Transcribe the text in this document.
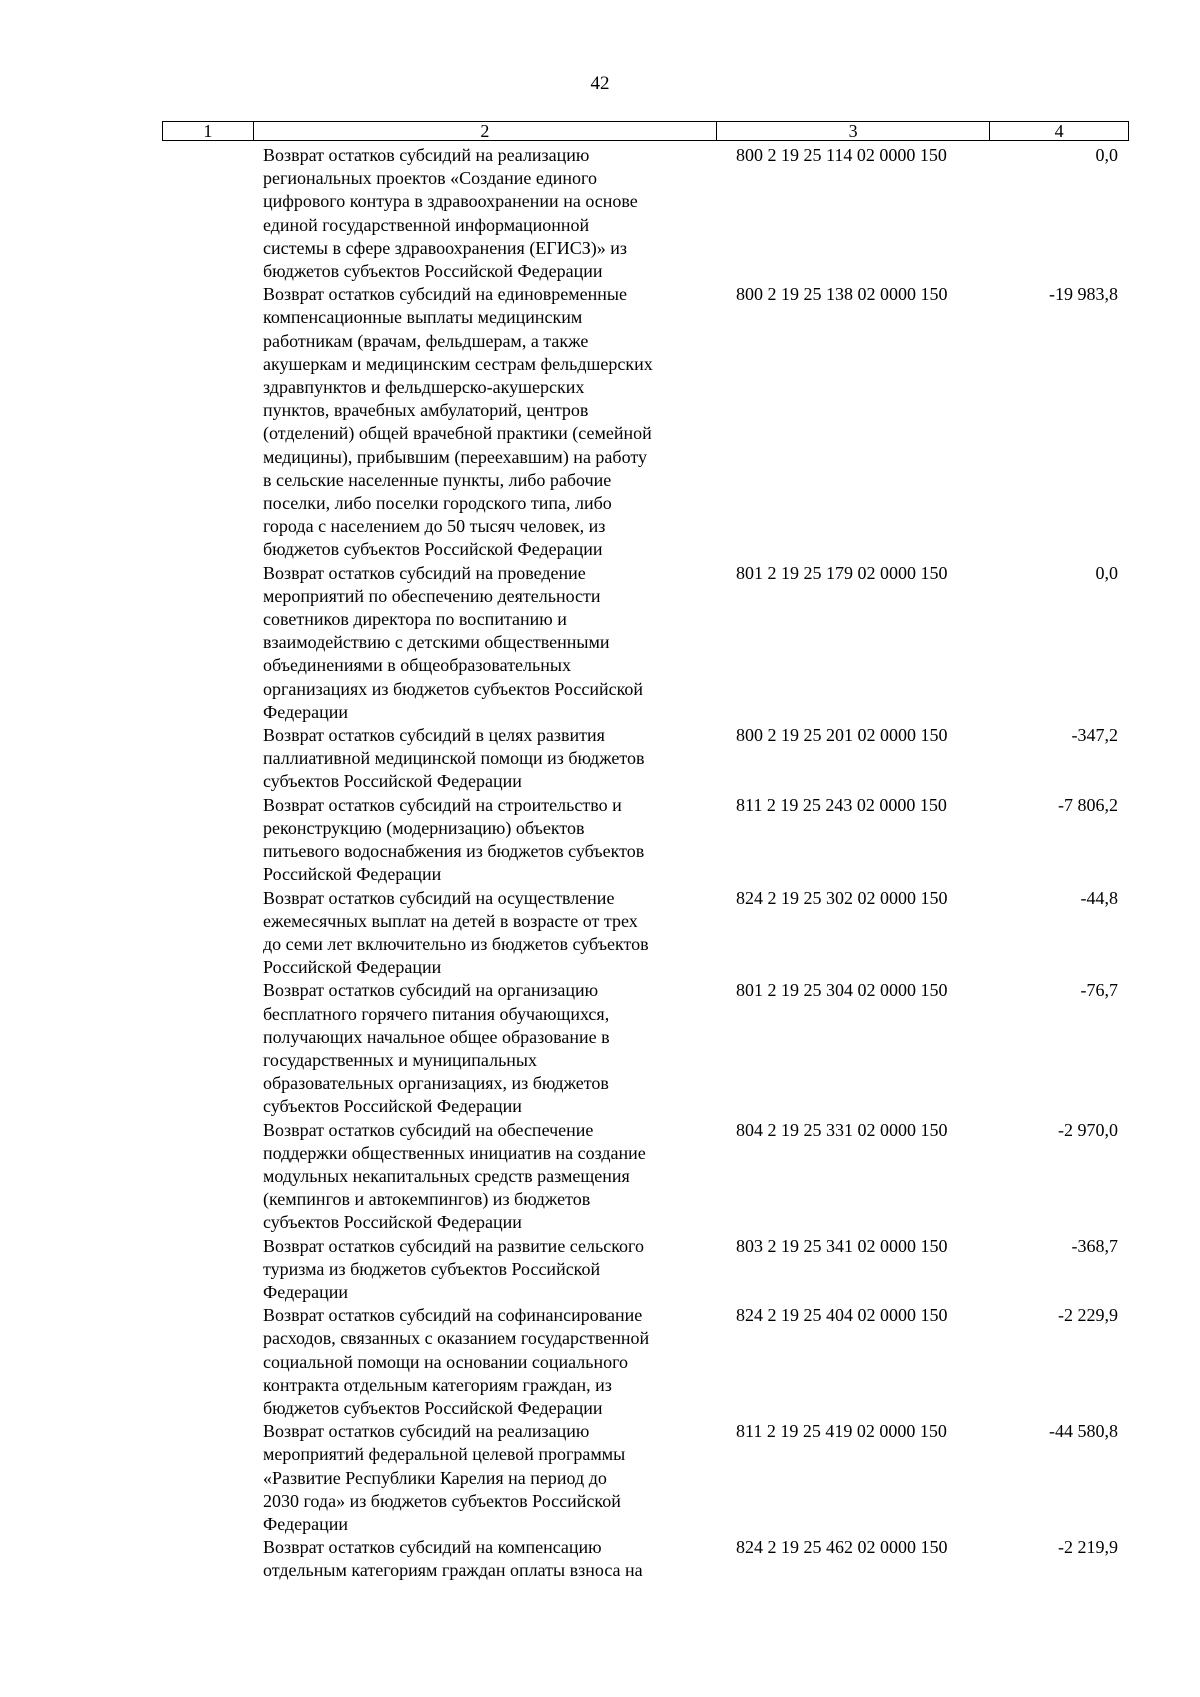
42
1	2	3	4
Возврат остатков субсидий на реализацию
региональных проектов «Создание единого
цифрового контура в здравоохранении на основе
единой государственной информационной
системы в сфере здравоохранения (ЕГИСЗ)» из
бюджетов субъектов Российской Федерации
800 2 19 25 114 02 0000 150	0,0
Возврат остатков субсидий на единовременные
компенсационные выплаты медицинским
работникам (врачам, фельдшерам, а также
акушеркам и медицинским сестрам фельдшерских
здравпунктов и фельдшерско-акушерских
пунктов, врачебных амбулаторий, центров
(отделений) общей врачебной практики (семейной
медицины), прибывшим (переехавшим) на работу
в сельские населенные пункты, либо рабочие
поселки, либо поселки городского типа, либо
города с населением до 50 тысяч человек, из
бюджетов субъектов Российской Федерации
800 2 19 25 138 02 0000 150	-19 983,8
Возврат остатков субсидий на проведение
мероприятий по обеспечению деятельности
советников директора по воспитанию и
взаимодействию с детскими общественными
объединениями в общеобразовательных
организациях из бюджетов субъектов Российской
Федерации
801 2 19 25 179 02 0000 150	0,0
Возврат остатков субсидий в целях развития
паллиативной медицинской помощи из бюджетов
субъектов Российской Федерации
800 2 19 25 201 02 0000 150	-347,2
Возврат остатков субсидий на строительство и
реконструкцию (модернизацию) объектов
питьевого водоснабжения из бюджетов субъектов
Российской Федерации
811 2 19 25 243 02 0000 150	-7 806,2
Возврат остатков субсидий на осуществление
ежемесячных выплат на детей в возрасте от трех
до семи лет включительно из бюджетов субъектов
Российской Федерации
824 2 19 25 302 02 0000 150	-44,8
Возврат остатков субсидий на организацию
бесплатного горячего питания обучающихся,
получающих начальное общее образование в
государственных и муниципальных
образовательных организациях, из бюджетов
субъектов Российской Федерации
801 2 19 25 304 02 0000 150	-76,7
Возврат остатков субсидий на обеспечение
поддержки общественных инициатив на создание
модульных некапитальных средств размещения
(кемпингов и автокемпингов) из бюджетов
субъектов Российской Федерации
804 2 19 25 331 02 0000 150	-2 970,0
Возврат остатков субсидий на развитие сельского
туризма из бюджетов субъектов Российской
Федерации
803 2 19 25 341 02 0000 150	-368,7
Возврат остатков субсидий на софинансирование
расходов, связанных с оказанием государственной
социальной помощи на основании социального
контракта отдельным категориям граждан, из
бюджетов субъектов Российской Федерации
824 2 19 25 404 02 0000 150	-2 229,9
Возврат остатков субсидий на реализацию
мероприятий федеральной целевой программы
«Развитие Республики Карелия на период до
2030 года» из бюджетов субъектов Российской
Федерации
811 2 19 25 419 02 0000 150	-44 580,8
Возврат остатков субсидий на компенсацию
отдельным категориям граждан оплаты взноса на
824 2 19 25 462 02 0000 150	-2 219,9
